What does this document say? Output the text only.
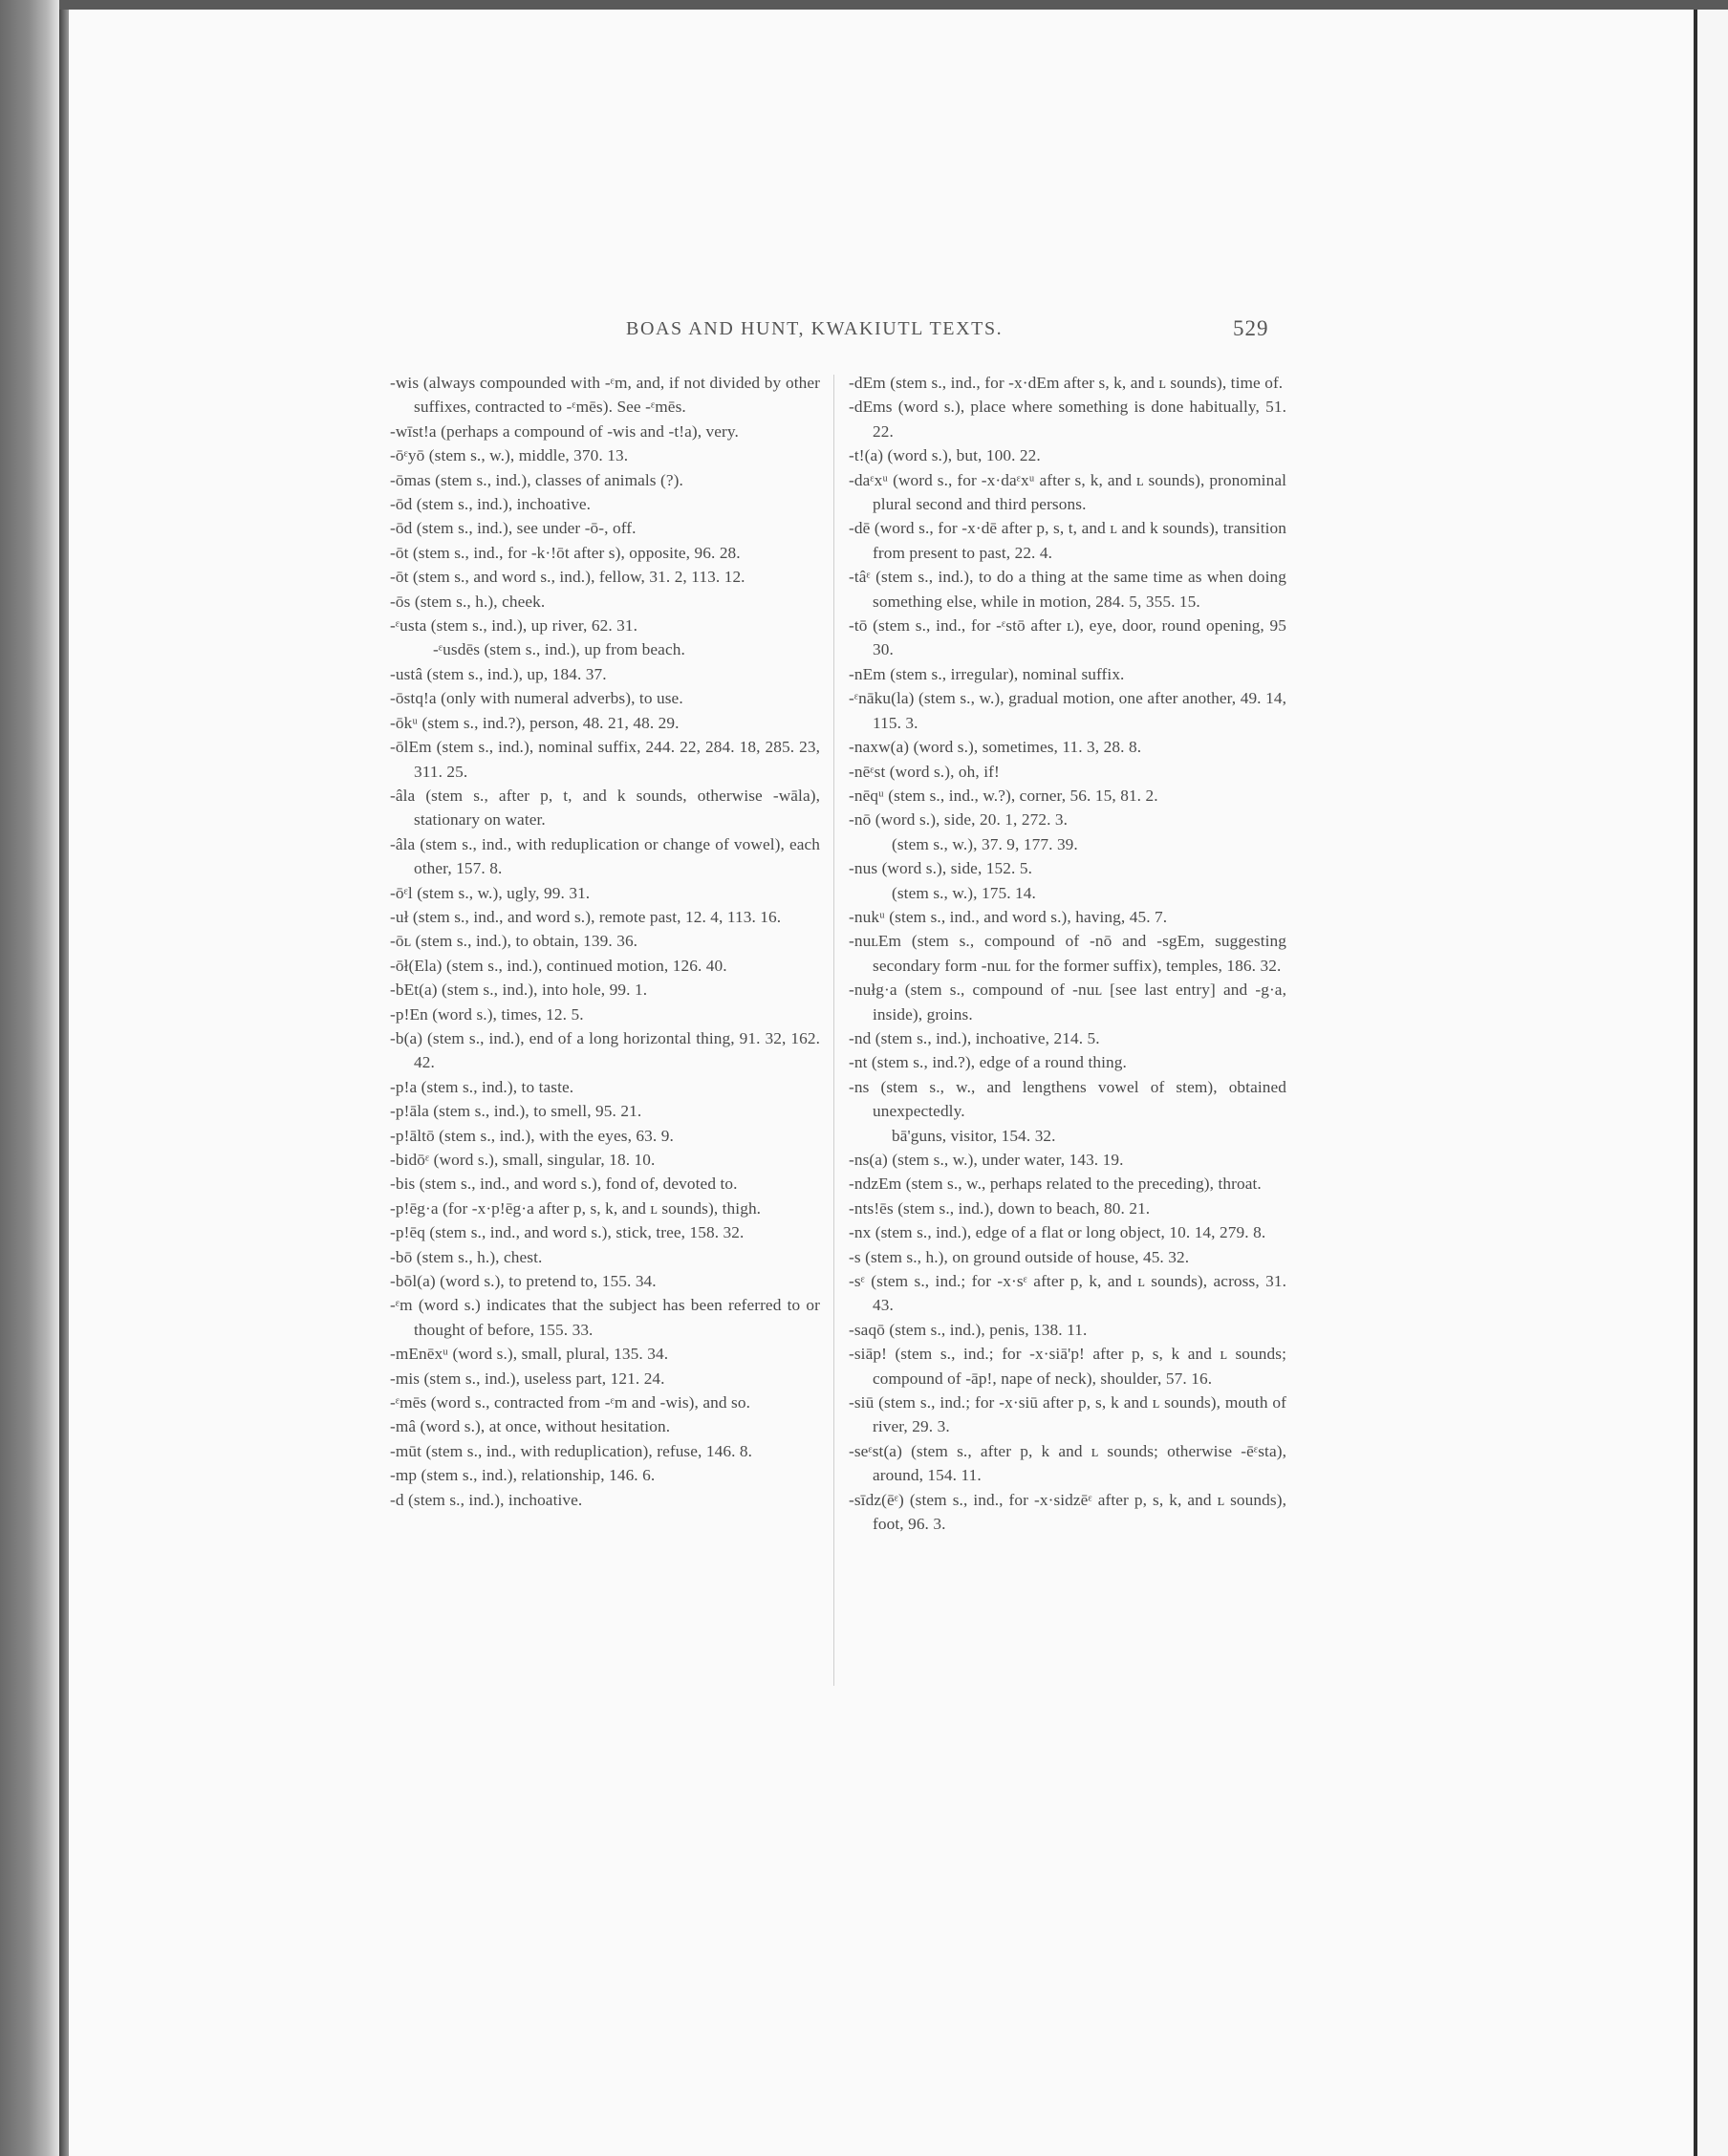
BOAS AND HUNT, KWAKIUTL TEXTS.	529

-wis (always compounded with -ᵋm, and, if not divided by other suffixes, contracted to -ᵋmēs). See -ᵋmēs.

-wīst!a (perhaps a compound of -wis and -t!a), very.

-ōᵋyō (stem s., w.), middle, 370. 13.

-ōmas (stem s., ind.), classes of animals (?).

-ōd (stem s., ind.), inchoative.

-ōd (stem s., ind.), see under -ō-, off.

-ōt (stem s., ind., for -k·!ōt after s), opposite, 96. 28.

-ōt (stem s., and word s., ind.), fellow, 31. 2, 113. 12.

-ōs (stem s., h.), cheek.

-ᵋusta (stem s., ind.), up river, 62. 31.

-ᵋusdēs (stem s., ind.), up from beach.

-ustâ (stem s., ind.), up, 184. 37.

-ōstq!a (only with numeral adverbs), to use.

-ōkᵘ (stem s., ind.?), person, 48. 21, 48. 29.

-ōlEm (stem s., ind.), nominal suffix, 244. 22, 284. 18, 285. 23, 311. 25.

-âla (stem s., after p, t, and k sounds, otherwise -wāla), stationary on water.

-âla (stem s., ind., with reduplication or change of vowel), each other, 157. 8.

-ōᵋl (stem s., w.), ugly, 99. 31.

-uł (stem s., ind., and word s.), remote past, 12. 4, 113. 16.

-ōʟ (stem s., ind.), to obtain, 139. 36.

-ōł(Ela) (stem s., ind.), continued motion, 126. 40.

-bEt(a) (stem s., ind.), into hole, 99. 1.

-p!En (word s.), times, 12. 5.

-b(a) (stem s., ind.), end of a long horizontal thing, 91. 32, 162. 42.

-p!a (stem s., ind.), to taste.

-p!āla (stem s., ind.), to smell, 95. 21.

-p!āltō (stem s., ind.), with the eyes, 63. 9.

-bidōᵋ (word s.), small, singular, 18. 10.

-bis (stem s., ind., and word s.), fond of, devoted to.

-p!ēg·a (for -x·p!ēg·a after p, s, k, and ʟ sounds), thigh.

-p!ēq (stem s., ind., and word s.), stick, tree, 158. 32.

-bō (stem s., h.), chest.

-bōl(a) (word s.), to pretend to, 155. 34.

-ᵋm (word s.) indicates that the subject has been referred to or thought of before, 155. 33.

-mEnēxᵘ (word s.), small, plural, 135. 34.

-mis (stem s., ind.), useless part, 121. 24.

-ᵋmēs (word s., contracted from -ᵋm and -wis), and so.

-mâ (word s.), at once, without hesitation.

-mūt (stem s., ind., with reduplication), refuse, 146. 8.

-mp (stem s., ind.), relationship, 146. 6.

-d (stem s., ind.), inchoative.

-dEm (stem s., ind., for -x·dEm after s, k, and ʟ sounds), time of.

-dEms (word s.), place where something is done habitually, 51. 22.

-t!(a) (word s.), but, 100. 22.

-daᵋxᵘ (word s., for -x·daᵋxᵘ after s, k, and ʟ sounds), pronominal plural second and third persons.

-dē (word s., for -x·dē after p, s, t, and ʟ and k sounds), transition from present to past, 22. 4.

-tâᵋ (stem s., ind.), to do a thing at the same time as when doing something else, while in motion, 284. 5, 355. 15.

-tō (stem s., ind., for -ᵋstō after ʟ), eye, door, round opening, 95 30.

-nEm (stem s., irregular), nominal suffix.

-ᵋnāku(la) (stem s., w.), gradual motion, one after another, 49. 14, 115. 3.

-naxw(a) (word s.), sometimes, 11. 3, 28. 8.

-nēᵋst (word s.), oh, if!

-nēqᵘ (stem s., ind., w.?), corner, 56. 15, 81. 2.

-nō (word s.), side, 20. 1, 272. 3.

(stem s., w.), 37. 9, 177. 39.

-nus (word s.), side, 152. 5.

(stem s., w.), 175. 14.

-nukᵘ (stem s., ind., and word s.), having, 45. 7.

-nuʟEm (stem s., compound of -nō and -sgEm, suggesting secondary form -nuʟ for the former suffix), temples, 186. 32.

-nułg·a (stem s., compound of -nuʟ [see last entry] and -g·a, inside), groins.

-nd (stem s., ind.), inchoative, 214. 5.

-nt (stem s., ind.?), edge of a round thing.

-ns (stem s., w., and lengthens vowel of stem), obtained unexpectedly.

bā'guns, visitor, 154. 32.

-ns(a) (stem s., w.), under water, 143. 19.

-ndzEm (stem s., w., perhaps related to the preceding), throat.

-nts!ēs (stem s., ind.), down to beach, 80. 21.

-nx (stem s., ind.), edge of a flat or long object, 10. 14, 279. 8.

-s (stem s., h.), on ground outside of house, 45. 32.

-sᵋ (stem s., ind.; for -x·sᵋ after p, k, and ʟ sounds), across, 31. 43.

-saqō (stem s., ind.), penis, 138. 11.

-siāp! (stem s., ind.; for -x·siā'p! after p, s, k and ʟ sounds; compound of -āp!, nape of neck), shoulder, 57. 16.

-siū (stem s., ind.; for -x·siū after p, s, k and ʟ sounds), mouth of river, 29. 3.

-seᵋst(a) (stem s., after p, k and ʟ sounds; otherwise -ēᵋsta), around, 154. 11.

-sīdz(ēᵋ) (stem s., ind., for -x·sidzēᵋ after p, s, k, and ʟ sounds), foot, 96. 3.
